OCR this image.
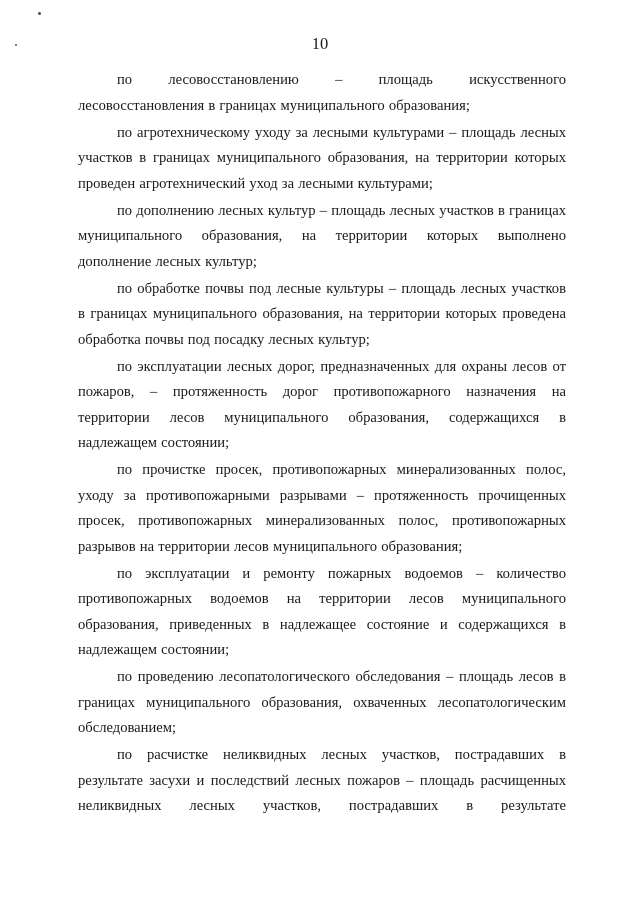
10

по лесовосстановлению – площадь искусственного лесовосстановления в границах муниципального образования;

по агротехническому уходу за лесными культурами – площадь лесных участков в границах муниципального образования, на территории которых проведен агротехнический уход за лесными культурами;

по дополнению лесных культур – площадь лесных участков в границах муниципального образования, на территории которых выполнено дополнение лесных культур;

по обработке почвы под лесные культуры – площадь лесных участков в границах муниципального образования, на территории которых проведена обработка почвы под посадку лесных культур;

по эксплуатации лесных дорог, предназначенных для охраны лесов от пожаров, – протяженность дорог противопожарного назначения на территории лесов муниципального образования, содержащихся в надлежащем состоянии;

по прочистке просек, противопожарных минерализованных полос, уходу за противопожарными разрывами – протяженность прочищенных просек, противопожарных минерализованных полос, противопожарных разрывов на территории лесов муниципального образования;

по эксплуатации и ремонту пожарных водоемов – количество противопожарных водоемов на территории лесов муниципального образования, приведенных в надлежащее состояние и содержащихся в надлежащем состоянии;

по проведению лесопатологического обследования – площадь лесов в границах муниципального образования, охваченных лесопатологическим обследованием;

по расчистке неликвидных лесных участков, пострадавших в результате засухи и последствий лесных пожаров – площадь расчищенных неликвидных лесных участков, пострадавших в результате
